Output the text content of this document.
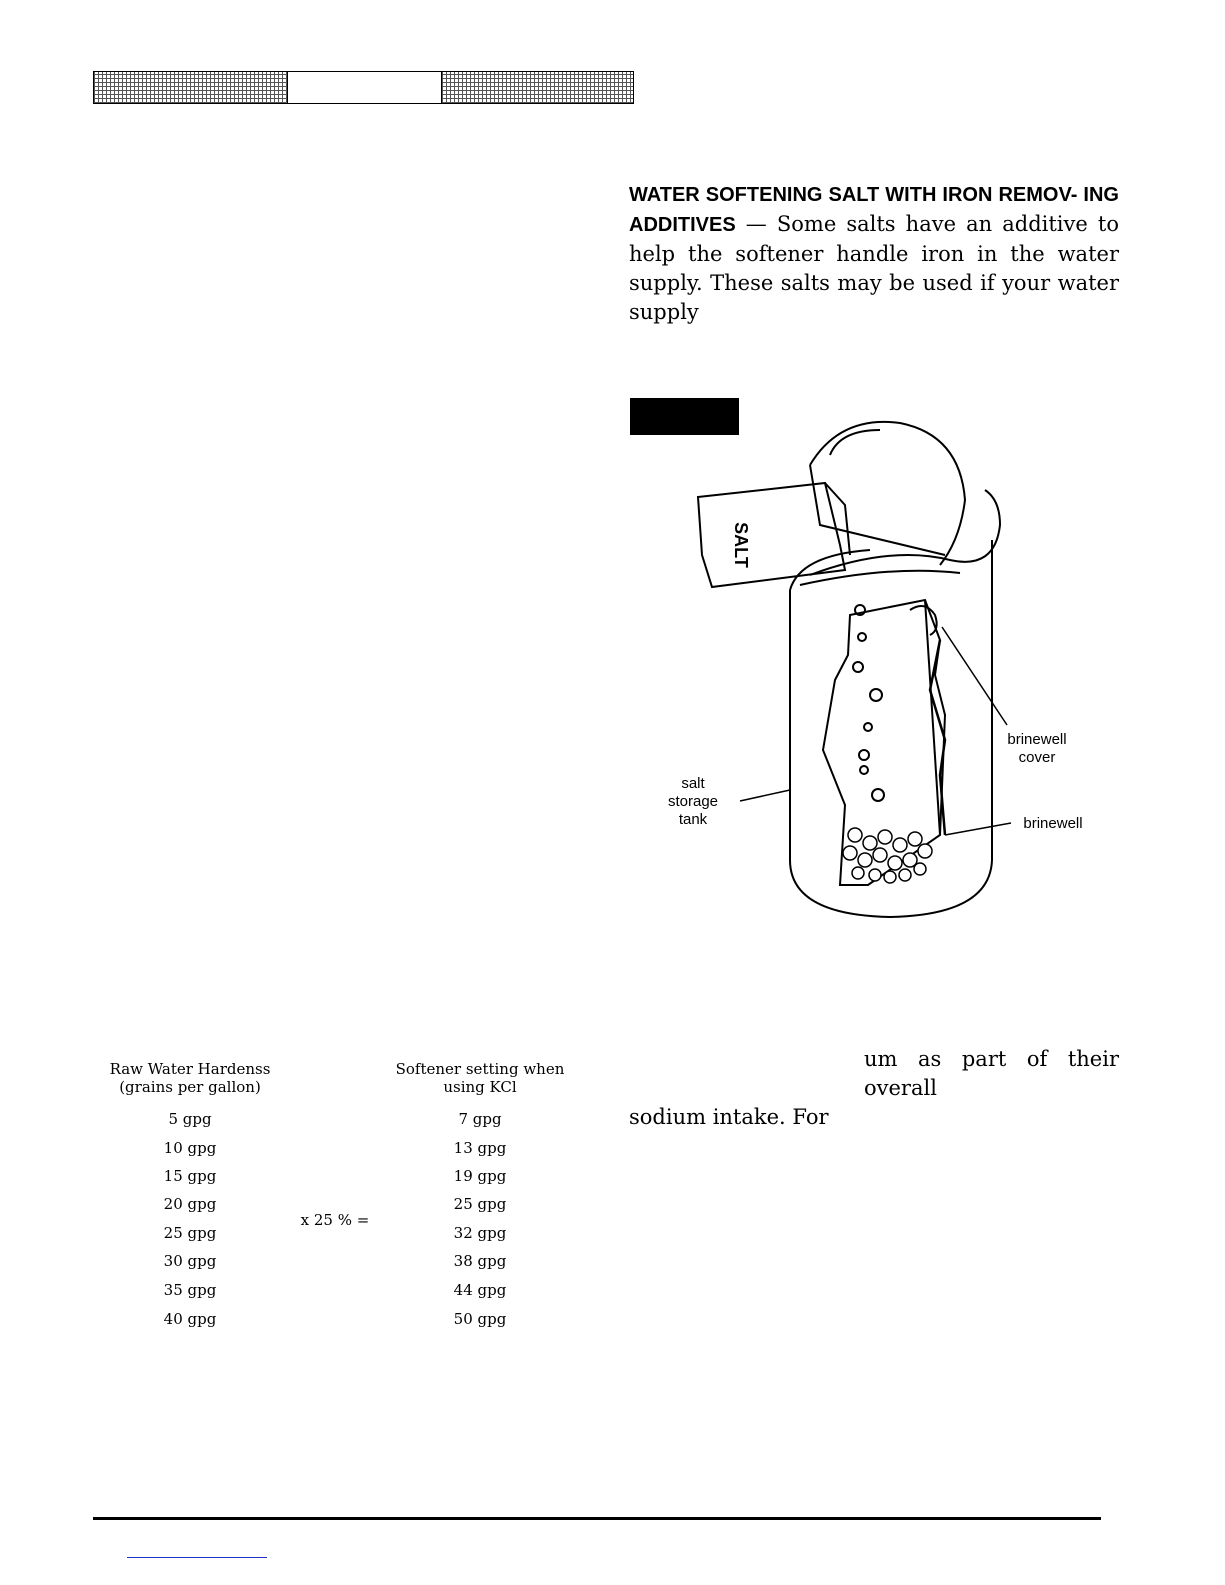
WATER SOFTENING SALT WITH IRON REMOV- ING ADDITIVES — Some salts have an additive to help the softener handle iron in the water supply. These salts may be used if your water supply
SALT
salt storage tank
brinewell cover
brinewell
Raw Water Hardenss (grains per gallon)
Softener setting when using KCl
x 25 % =
5 gpg	7 gpg
10 gpg	13 gpg
15 gpg	19 gpg
20 gpg	25 gpg
25 gpg	32 gpg
30 gpg	38 gpg
35 gpg	44 gpg
40 gpg	50 gpg
um as part of their overall
sodium intake. For
